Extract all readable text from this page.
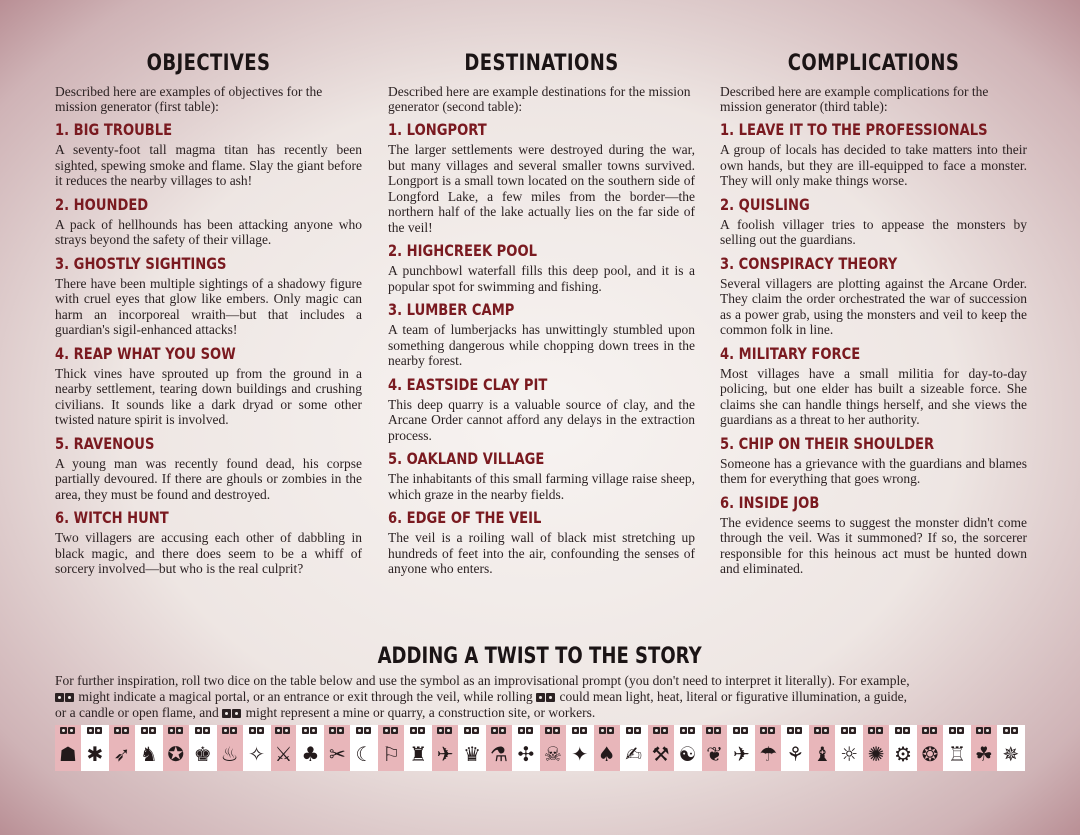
OBJECTIVES
Described here are examples of objectives for the mission generator (first table):
1. BIG TROUBLE
A seventy-foot tall magma titan has recently been sighted, spewing smoke and flame. Slay the giant before it reduces the nearby villages to ash!
2. HOUNDED
A pack of hellhounds has been attacking anyone who strays beyond the safety of their village.
3. GHOSTLY SIGHTINGS
There have been multiple sightings of a shadowy figure with cruel eyes that glow like embers. Only magic can harm an incorporeal wraith—but that includes a guardian's sigil-enhanced attacks!
4. REAP WHAT YOU SOW
Thick vines have sprouted up from the ground in a nearby settlement, tearing down buildings and crushing civilians. It sounds like a dark dryad or some other twisted nature spirit is involved.
5. RAVENOUS
A young man was recently found dead, his corpse partially devoured. If there are ghouls or zombies in the area, they must be found and destroyed.
6. WITCH HUNT
Two villagers are accusing each other of dabbling in black magic, and there does seem to be a whiff of sorcery involved—but who is the real culprit?
DESTINATIONS
Described here are example destinations for the mission generator (second table):
1. LONGPORT
The larger settlements were destroyed during the war, but many villages and several smaller towns survived. Longport is a small town located on the southern side of Longford Lake, a few miles from the border—the northern half of the lake actually lies on the far side of the veil!
2. HIGHCREEK POOL
A punchbowl waterfall fills this deep pool, and it is a popular spot for swimming and fishing.
3. LUMBER CAMP
A team of lumberjacks has unwittingly stumbled upon something dangerous while chopping down trees in the nearby forest.
4. EASTSIDE CLAY PIT
This deep quarry is a valuable source of clay, and the Arcane Order cannot afford any delays in the extraction process.
5. OAKLAND VILLAGE
The inhabitants of this small farming village raise sheep, which graze in the nearby fields.
6. EDGE OF THE VEIL
The veil is a roiling wall of black mist stretching up hundreds of feet into the air, confounding the senses of anyone who enters.
COMPLICATIONS
Described here are example complications for the mission generator (third table):
1. LEAVE IT TO THE PROFESSIONALS
A group of locals has decided to take matters into their own hands, but they are ill-equipped to face a monster. They will only make things worse.
2. QUISLING
A foolish villager tries to appease the monsters by selling out the guardians.
3. CONSPIRACY THEORY
Several villagers are plotting against the Arcane Order. They claim the order orchestrated the war of succession as a power grab, using the monsters and veil to keep the common folk in line.
4. MILITARY FORCE
Most villages have a small militia for day-to-day policing, but one elder has built a sizeable force. She claims she can handle things herself, and she views the guardians as a threat to her authority.
5. CHIP ON THEIR SHOULDER
Someone has a grievance with the guardians and blames them for everything that goes wrong.
6. INSIDE JOB
The evidence seems to suggest the monster didn't come through the veil. Was it summoned? If so, the sorcerer responsible for this heinous act must be hunted down and eliminated.
ADDING A TWIST TO THE STORY
For further inspiration, roll two dice on the table below and use the symbol as an improvisational prompt (you don't need to interpret it literally). For example,
might indicate a magical portal, or an entrance or exit through the veil, while rolling could mean light, heat, literal or figurative illumination, a guide,
or a candle or open flame, and might represent a mine or quarry, a construction site, or workers.
☗ ✱ ➶ ♞ ✪ ♚ ♨ ✧ ⚔ ♣ ✂ ☾ ⚐ ♜ ✈ ♛ ⚗ ✣ ☠ ✦ ♠ ✍ ⚒ ☯ ❦ ✈ ☂ ⚘ ♝ ☼ ✺ ⚙ ❂ ♖ ☘ ✵
